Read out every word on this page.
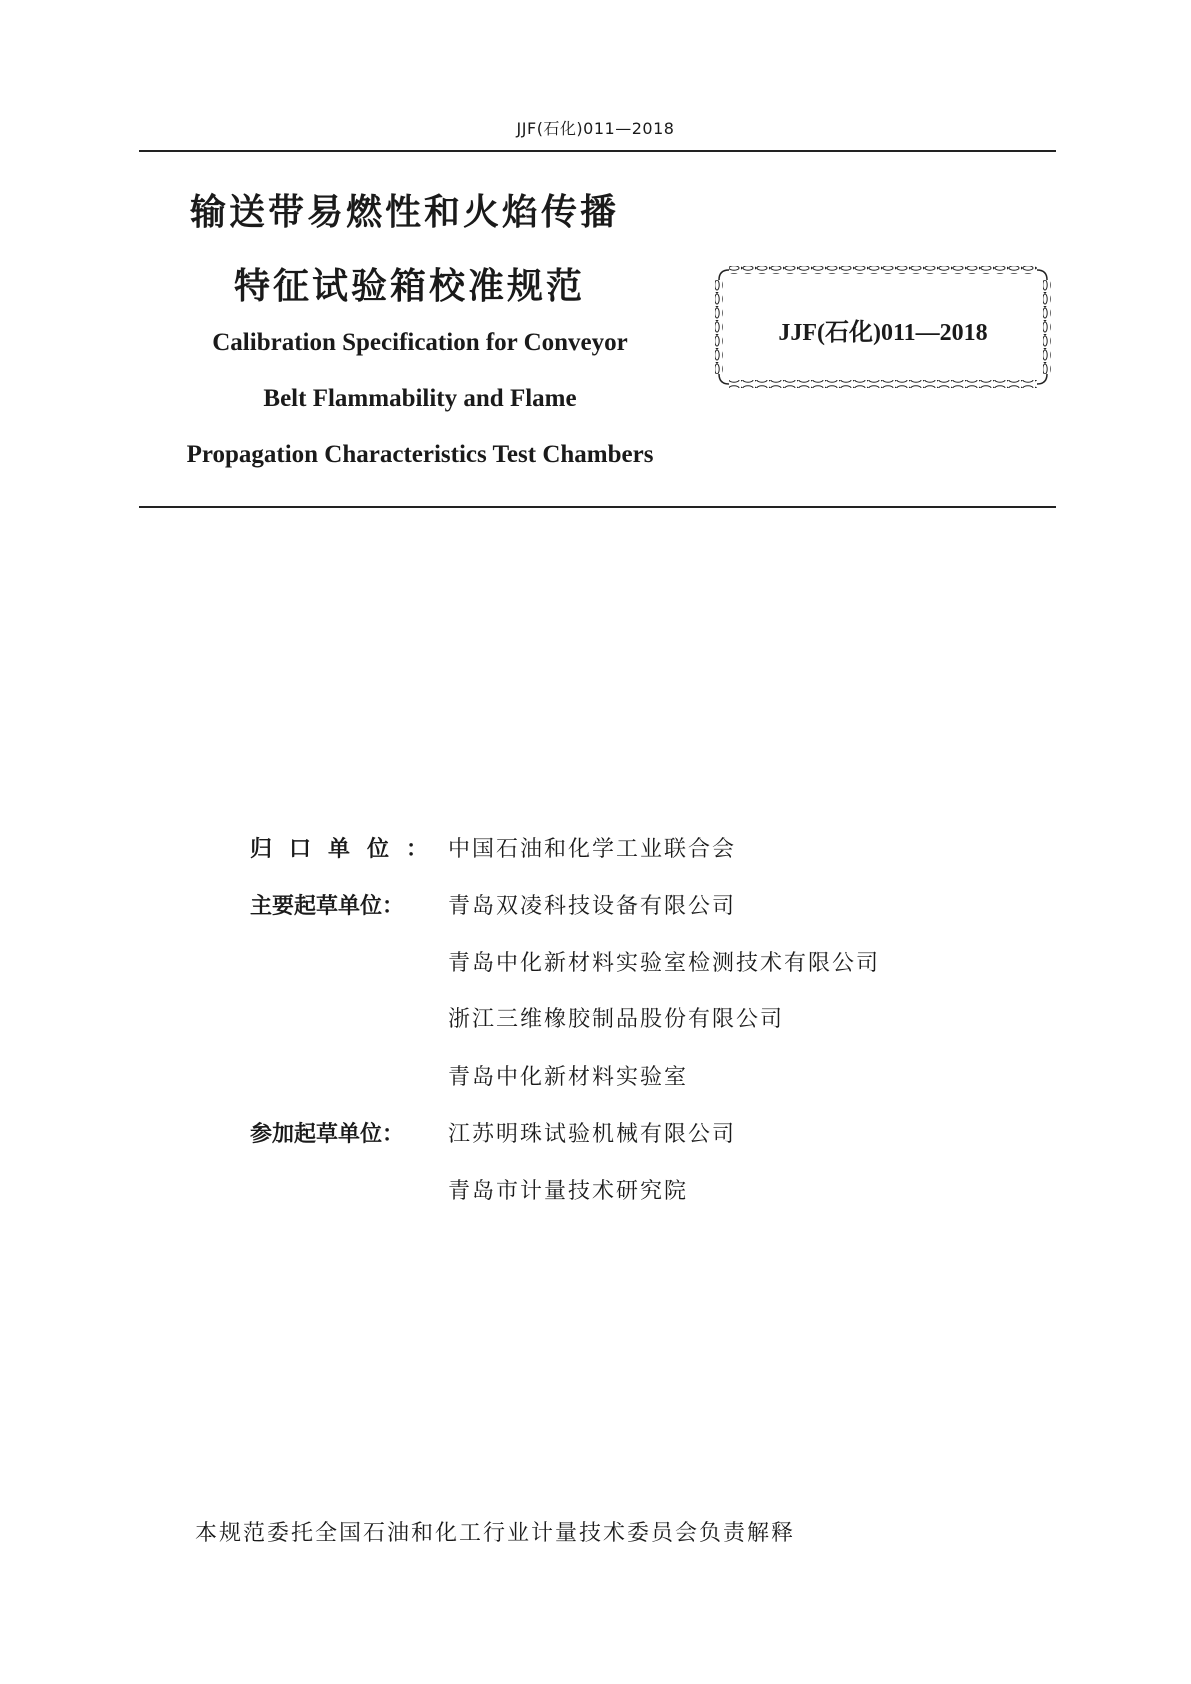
JJF(石化)011—2018
输送带易燃性和火焰传播
特征试验箱校准规范
Calibration Specification for Conveyor
Belt Flammability and Flame
Propagation Characteristics Test Chambers
JJF(石化)011—2018
归口单位： 中国石油和化学工业联合会
主要起草单位：	青岛双凌科技设备有限公司
青岛中化新材料实验室检测技术有限公司
浙江三维橡胶制品股份有限公司
青岛中化新材料实验室
参加起草单位：	江苏明珠试验机械有限公司
青岛市计量技术研究院
本规范委托全国石油和化工行业计量技术委员会负责解释
